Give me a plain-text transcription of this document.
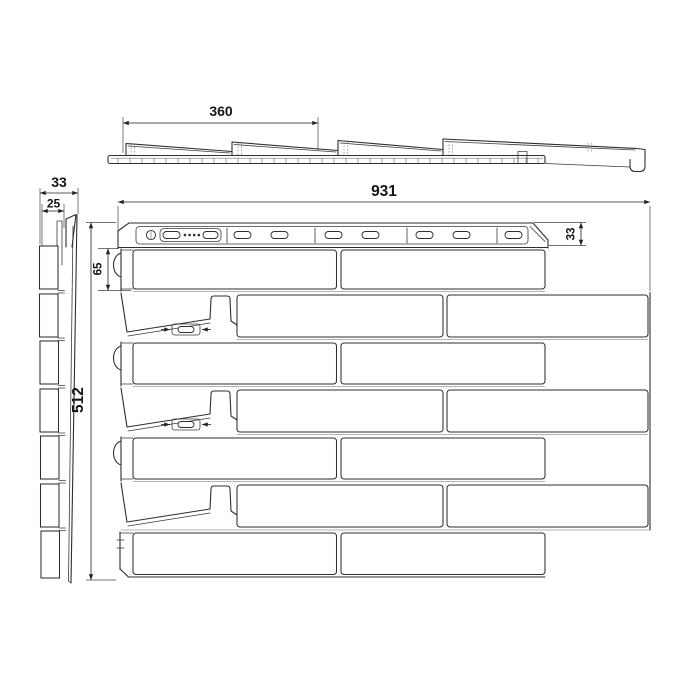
360
33
25
931
512
65
33
